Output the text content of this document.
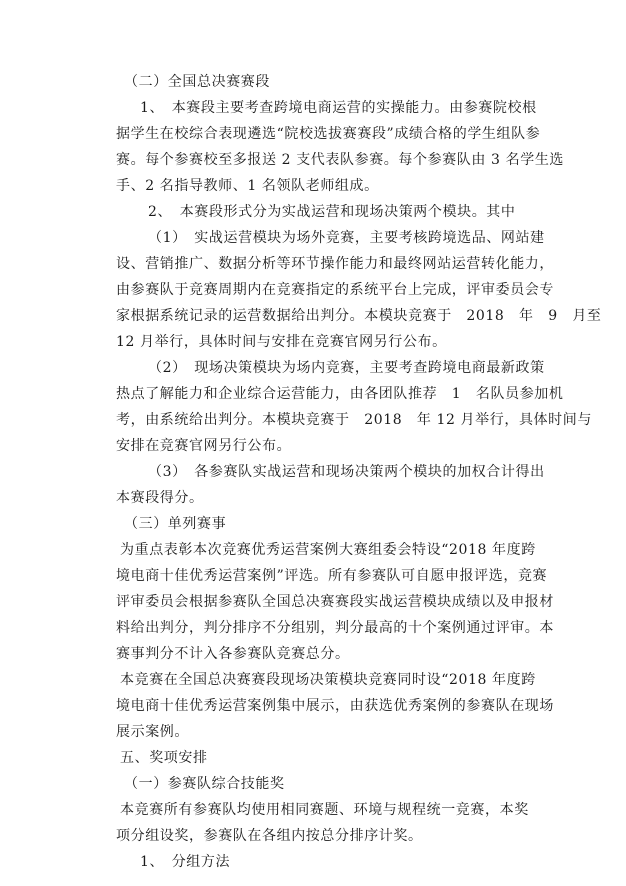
（二）全国总决赛赛段
1、　本赛段主要考查跨境电商运营的实操能力。由参赛院校根
据学生在校综合表现遴选“院校选拔赛赛段”成绩合格的学生组队参
赛。每个参赛校至多报送 2 支代表队参赛。每个参赛队由 3 名学生选
手、2 名指导教师、1 名领队老师组成。
2、　本赛段形式分为实战运营和现场决策两个模块。其中
（1）　实战运营模块为场外竞赛，主要考核跨境选品、网站建
设、营销推广、数据分析等环节操作能力和最终网站运营转化能力，
由参赛队于竞赛周期内在竞赛指定的系统平台上完成，评审委员会专
家根据系统记录的运营数据给出判分。本模块竞赛于　2018　年　9　月至
12 月举行，具体时间与安排在竞赛官网另行公布。
（2）　现场决策模块为场内竞赛，主要考查跨境电商最新政策
热点了解能力和企业综合运营能力，由各团队推荐　1　名队员参加机
考，由系统给出判分。本模块竞赛于　2018　年 12 月举行，具体时间与
安排在竞赛官网另行公布。
（3）　各参赛队实战运营和现场决策两个模块的加权合计得出
本赛段得分。
（三）单列赛事
为重点表彰本次竞赛优秀运营案例大赛组委会特设“2018 年度跨
境电商十佳优秀运营案例”评选。所有参赛队可自愿申报评选，竞赛
评审委员会根据参赛队全国总决赛赛段实战运营模块成绩以及申报材
料给出判分，判分排序不分组别，判分最高的十个案例通过评审。本
赛事判分不计入各参赛队竞赛总分。
本竞赛在全国总决赛赛段现场决策模块竞赛同时设“2018 年度跨
境电商十佳优秀运营案例集中展示，由获选优秀案例的参赛队在现场
展示案例。
五、奖项安排
（一）参赛队综合技能奖
本竞赛所有参赛队均使用相同赛题、环境与规程统一竞赛，本奖
项分组设奖，参赛队在各组内按总分排序计奖。
1、　分组方法
